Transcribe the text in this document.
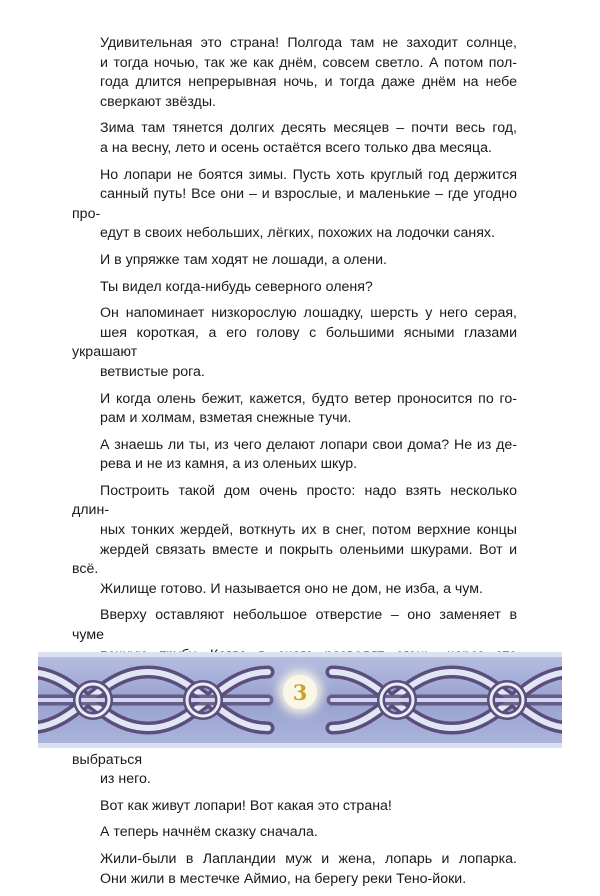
Удивительная это страна! Полгода там не заходит солнце,
и тогда ночью, так же как днём, совсем светло. А потом пол-
года длится непрерывная ночь, и тогда даже днём на небе
сверкают звёзды.

Зима там тянется долгих десять месяцев – почти весь год,
а на весну, лето и осень остаётся всего только два месяца.

Но лопари не боятся зимы. Пусть хоть круглый год держится
санный путь! Все они – и взрослые, и маленькие – где угодно про-
едут в своих небольших, лёгких, похожих на лодочки санях.

И в упряжке там ходят не лошади, а олени.

Ты видел когда-нибудь северного оленя?

Он напоминает низкорослую лошадку, шерсть у него серая,
шея короткая, а его голову с большими ясными глазами украшают
ветвистые рога.

И когда олень бежит, кажется, будто ветер проносится по го-
рам и холмам, взметая снежные тучи.

А знаешь ли ты, из чего делают лопари свои дома? Не из де-
рева и не из камня, а из оленьих шкур.

Построить такой дом очень просто: надо взять несколько длин-
ных тонких жердей, воткнуть их в снег, потом верхние концы
жердей связать вместе и покрыть оленьими шкурами. Вот и всё.
Жилище готово. И называется оно не дом, не изба, а чум.

Вверху оставляют небольшое отверстие – оно заменяет в чуме

выбраться
из него.

Вот как живут лопари! Вот какая это страна!

А теперь начнём сказку сначала.

Жили-были в Лапландии муж и жена, лопарь и лопарка.
Они жили в местечке Аймио, на берегу реки Тено-йоки.

3
